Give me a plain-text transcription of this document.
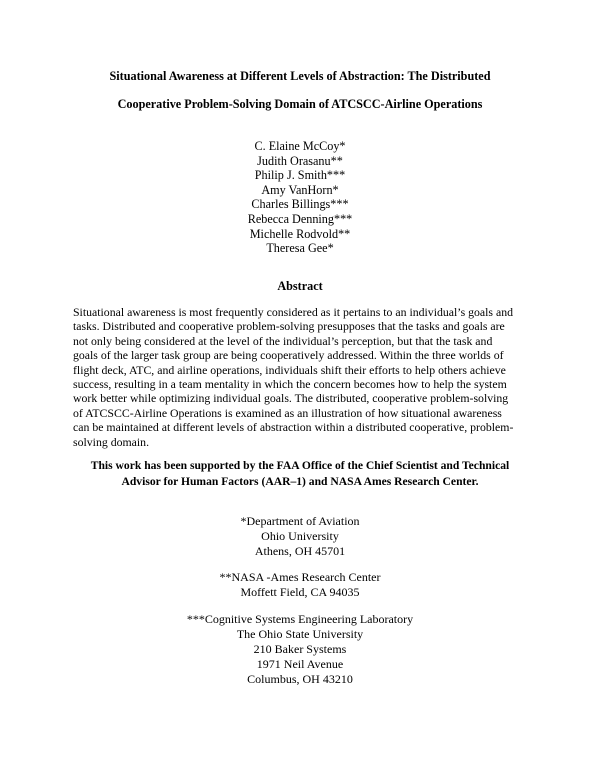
Situational Awareness at Different Levels of Abstraction: The Distributed

Cooperative Problem-Solving Domain of ATCSCC-Airline Operations

C. Elaine McCoy*
Judith Orasanu**
Philip J. Smith***
Amy VanHorn*
Charles Billings***
Rebecca Denning***
Michelle Rodvold**
Theresa Gee*

Abstract

Situational awareness is most frequently considered as it pertains to an individual’s goals and
tasks. Distributed and cooperative problem-solving presupposes that the tasks and goals are
not only being considered at the level of the individual’s perception, but that the task and
goals of the larger task group are being cooperatively addressed. Within the three worlds of
flight deck, ATC, and airline operations, individuals shift their efforts to help others achieve
success, resulting in a team mentality in which the concern becomes how to help the system
work better while optimizing individual goals. The distributed, cooperative problem-solving
of ATCSCC-Airline Operations is examined as an illustration of how situational awareness
can be maintained at different levels of abstraction within a distributed cooperative, problem-
solving domain.
This work has been supported by the FAA Office of the Chief Scientist and Technical
Advisor for Human Factors (AAR–1) and NASA Ames Research Center.

*Department of Aviation
Ohio University
Athens, OH 45701

**NASA -Ames Research Center
Moffett Field, CA 94035

***Cognitive Systems Engineering Laboratory
The Ohio State University
210 Baker Systems
1971 Neil Avenue
Columbus, OH 43210
